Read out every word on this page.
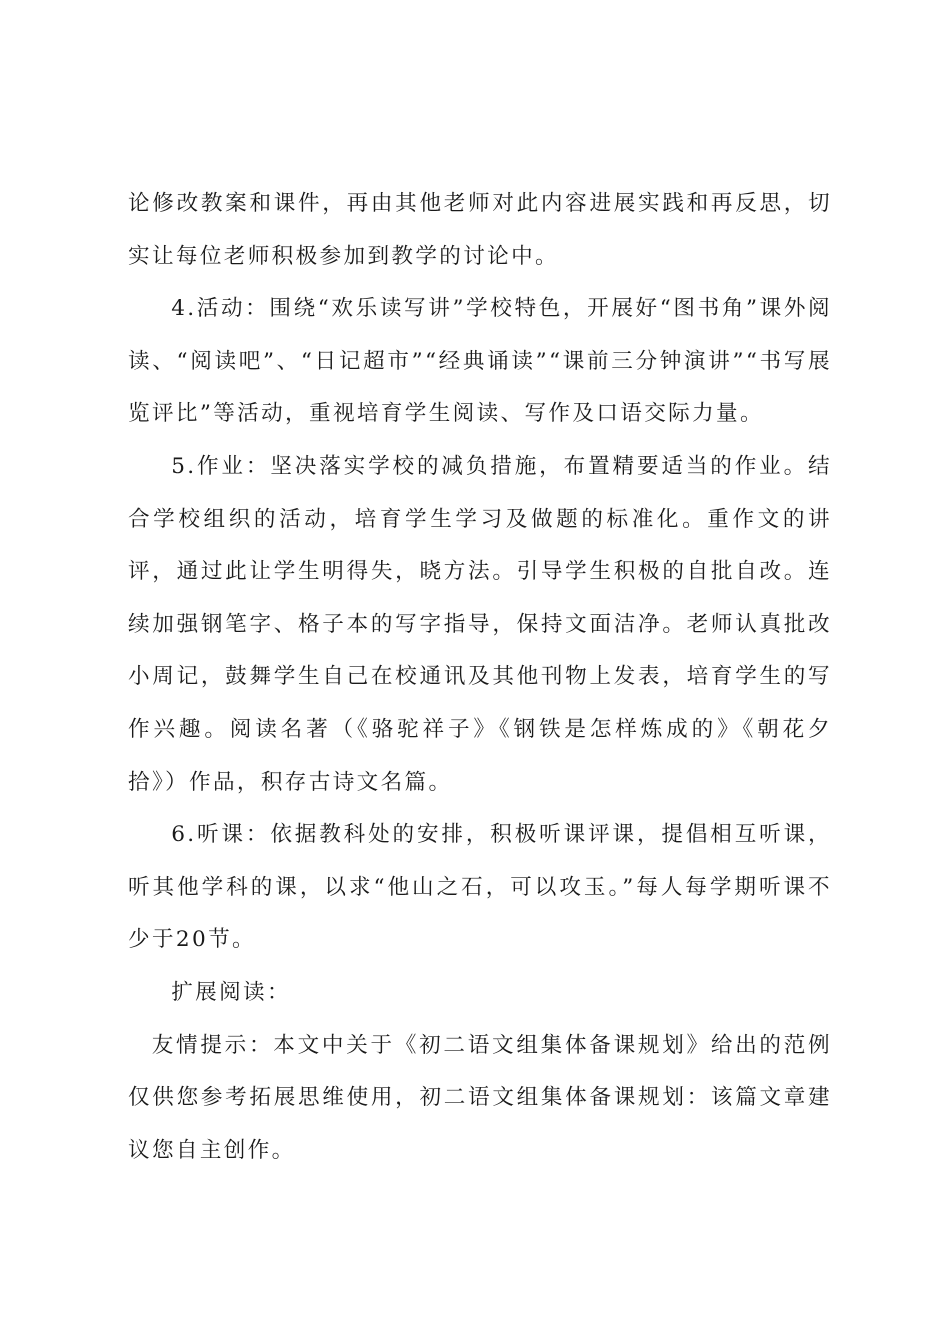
论修改教案和课件，再由其他老师对此内容进展实践和再反思，切实让每位老师积极参加到教学的讨论中。

4.活动：围绕“欢乐读写讲”学校特色，开展好“图书角”课外阅读、“阅读吧”、“日记超市”“经典诵读”“课前三分钟演讲”“书写展览评比”等活动，重视培育学生阅读、写作及口语交际力量。

5.作业：坚决落实学校的减负措施，布置精要适当的作业。结合学校组织的活动，培育学生学习及做题的标准化。重作文的讲评，通过此让学生明得失，晓方法。引导学生积极的自批自改。连续加强钢笔字、格子本的写字指导，保持文面洁净。老师认真批改小周记，鼓舞学生自己在校通讯及其他刊物上发表，培育学生的写作兴趣。阅读名著（《骆驼祥子》《钢铁是怎样炼成的》《朝花夕拾》）作品，积存古诗文名篇。

6.听课：依据教科处的安排，积极听课评课，提倡相互听课，听其他学科的课，以求“他山之石，可以攻玉。”每人每学期听课不少于20节。

扩展阅读：

友情提示：本文中关于《初二语文组集体备课规划》给出的范例仅供您参考拓展思维使用，初二语文组集体备课规划：该篇文章建议您自主创作。
